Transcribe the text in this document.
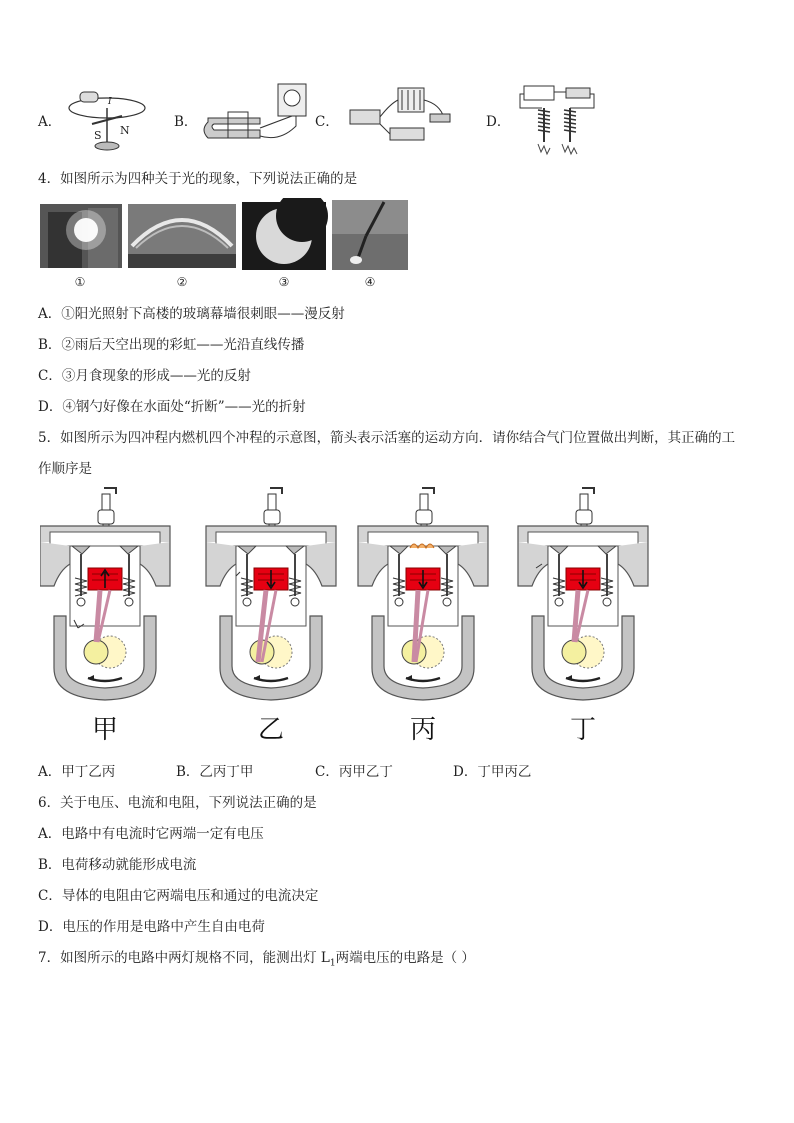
A．
I
S N
B．	C．	D．
4．如图所示为四种关于光的现象，下列说法正确的是
①	②	③	④
A．①阳光照射下高楼的玻璃幕墙很刺眼——漫反射
B．②雨后天空出现的彩虹——光沿直线传播
C．③月食现象的形成——光的反射
D．④钢勺好像在水面处“折断”——光的折射
5．如图所示为四冲程内燃机四个冲程的示意图，箭头表示活塞的运动方向．请你结合气门位置做出判断，其正确的工
作顺序是
甲	乙	丙	丁
A．甲丁乙丙	B．乙丙丁甲	C．丙甲乙丁	D．丁甲丙乙
6．关于电压、电流和电阻，下列说法正确的是
A．电路中有电流时它两端一定有电压
B．电荷移动就能形成电流
C．导体的电阻由它两端电压和通过的电流决定
D．电压的作用是电路中产生自由电荷
7．如图所示的电路中两灯规格不同，能测出灯 $L_1$两端电压的电路是（ ）
